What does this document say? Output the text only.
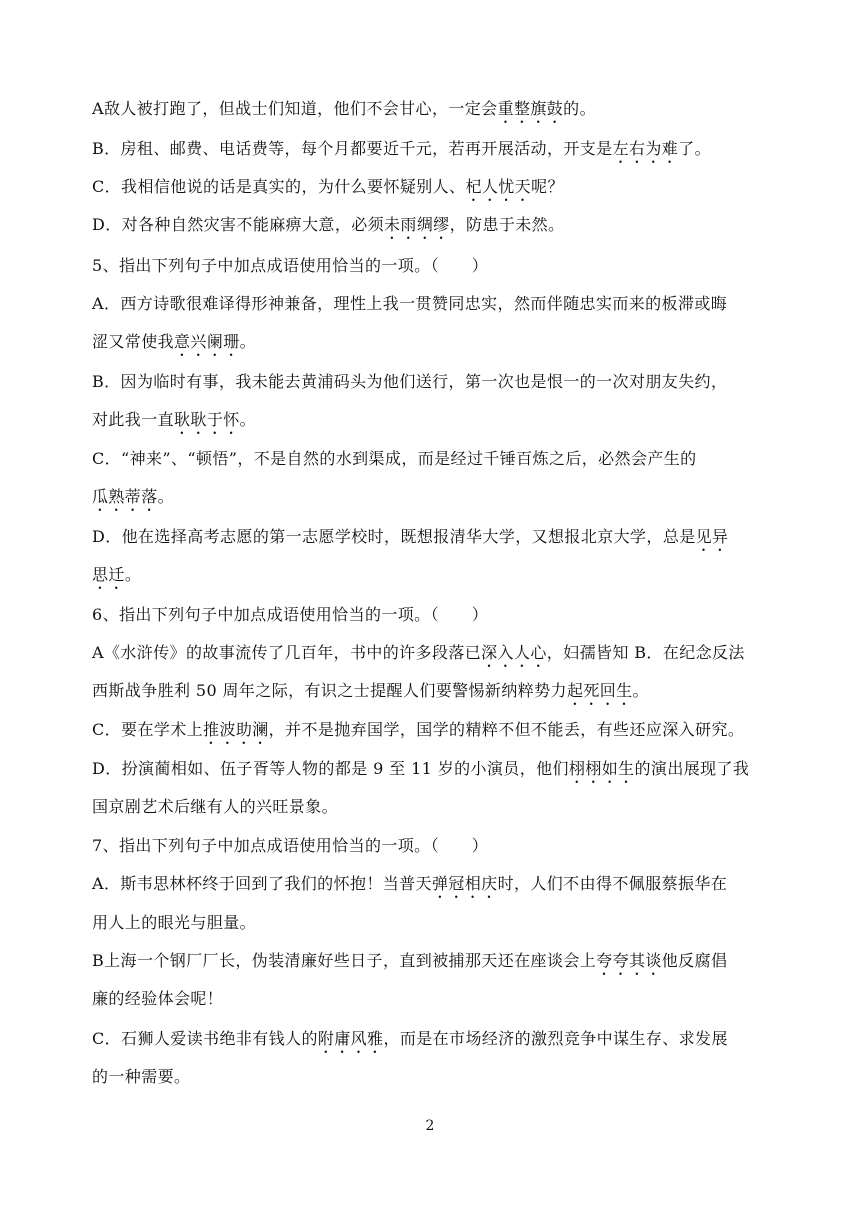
A敌人被打跑了，但战士们知道，他们不会甘心，一定会重整旗鼓的。
B．房租、邮费、电话费等，每个月都要近千元，若再开展活动，开支是左右为难了。
C．我相信他说的话是真实的，为什么要怀疑别人、杞人忧天呢？
D．对各种自然灾害不能麻痹大意，必须未雨绸缪，防患于未然。
5、指出下列句子中加点成语使用恰当的一项。（　　）
A．西方诗歌很难译得形神兼备，理性上我一贯赞同忠实，然而伴随忠实而来的板滞或晦
涩又常使我意兴阑珊。
B．因为临时有事，我未能去黄浦码头为他们送行，第一次也是恨一的一次对朋友失约，
对此我一直耿耿于怀。
C．“神来”、“顿悟”，不是自然的水到渠成，而是经过千锤百炼之后，必然会产生的
瓜熟蒂落。
D．他在选择高考志愿的第一志愿学校时，既想报清华大学，又想报北京大学，总是见异
思迁。
6、指出下列句子中加点成语使用恰当的一项。（　　）
A《水浒传》的故事流传了几百年，书中的许多段落已深入人心，妇孺皆知 B．在纪念反法
西斯战争胜利 50 周年之际，有识之士提醒人们要警惕新纳粹势力起死回生。
C．要在学术上推波助澜，并不是抛弃国学，国学的精粹不但不能丢，有些还应深入研究。
D．扮演蔺相如、伍子胥等人物的都是 9 至 11 岁的小演员，他们栩栩如生的演出展现了我
国京剧艺术后继有人的兴旺景象。
7、指出下列句子中加点成语使用恰当的一项。（　　）
A．斯韦思林杯终于回到了我们的怀抱！当普天弹冠相庆时，人们不由得不佩服蔡振华在
用人上的眼光与胆量。
B上海一个钢厂厂长，伪装清廉好些日子，直到被捕那天还在座谈会上夸夸其谈他反腐倡
廉的经验体会呢！
C．石狮人爱读书绝非有钱人的附庸风雅，而是在市场经济的激烈竞争中谋生存、求发展
的一种需要。
2
